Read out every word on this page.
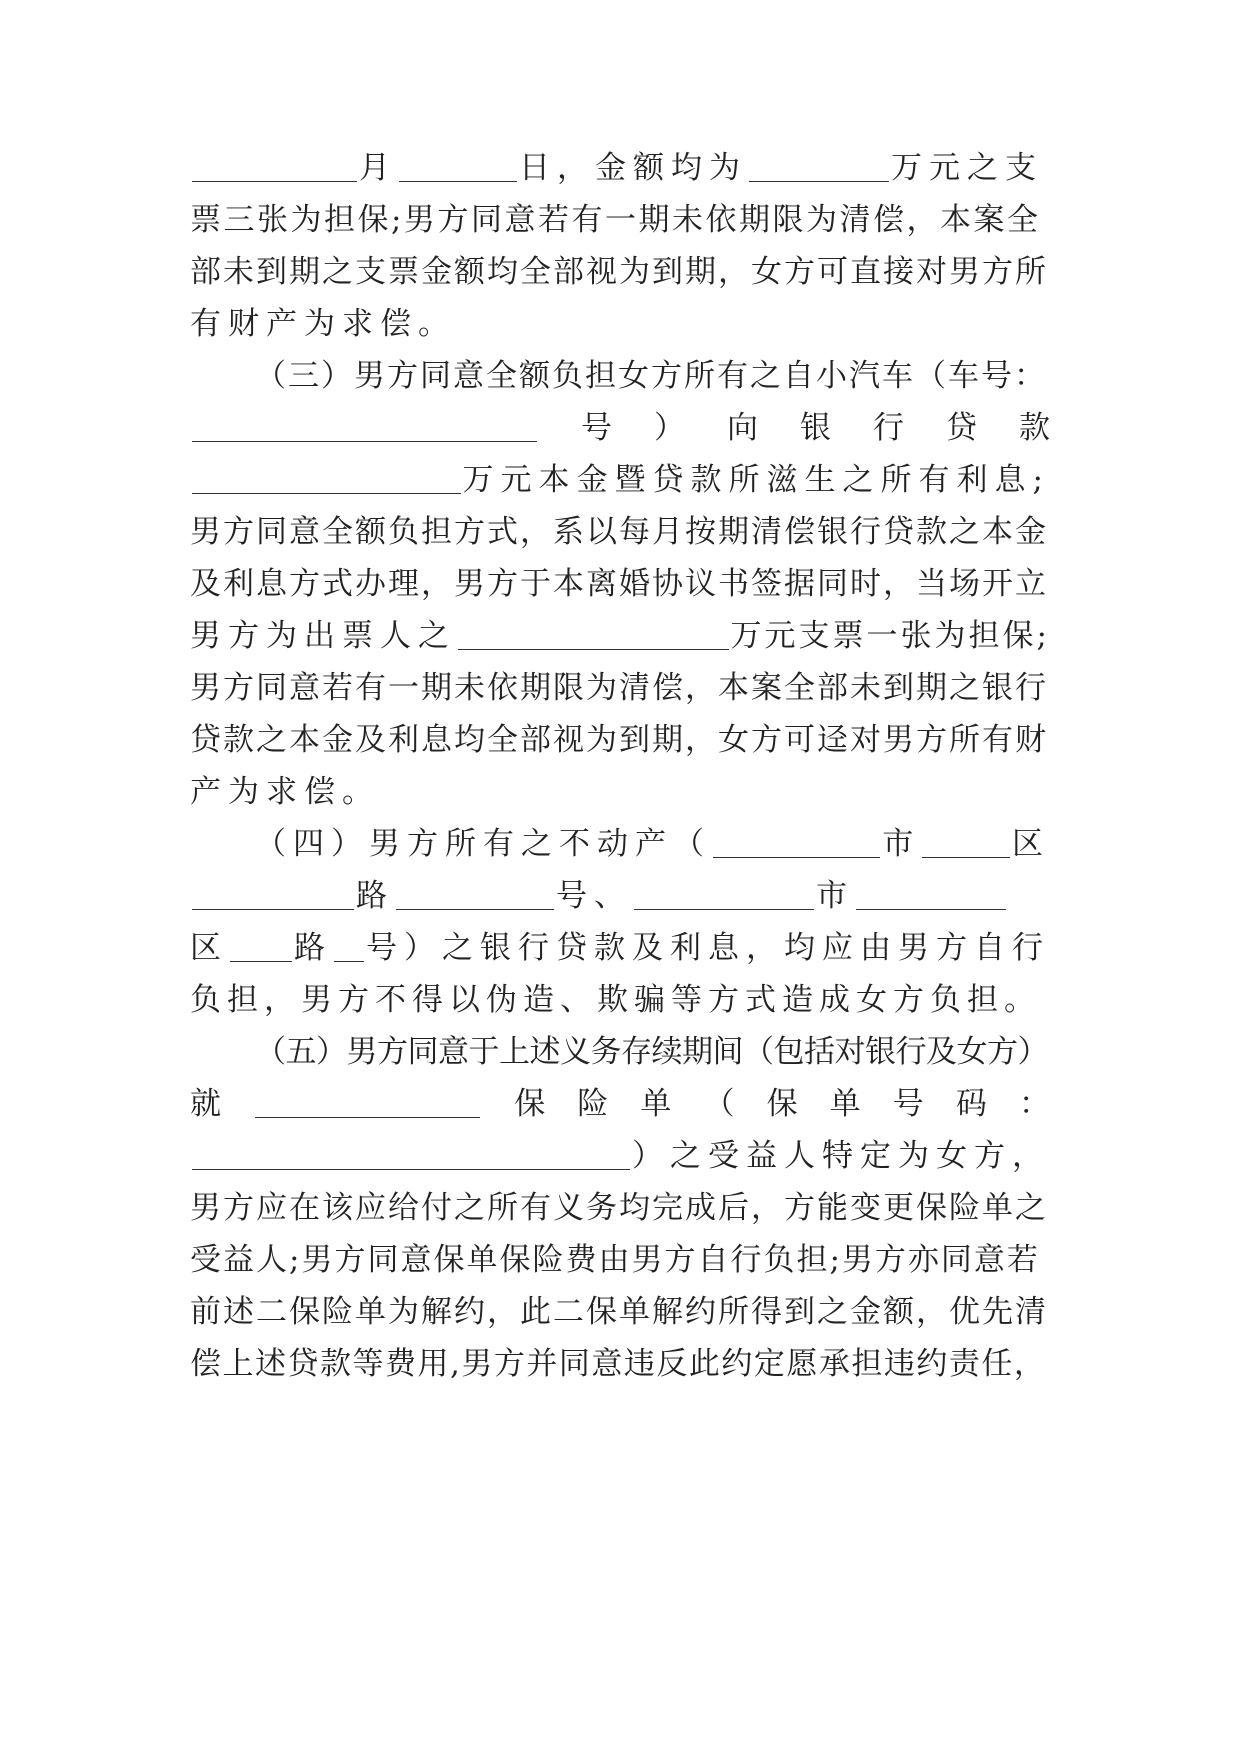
月	日，金额均为	万元之支
票三张为担保;男方同意若有一期未依期限为清偿，本案全
部未到期之支票金额均全部视为到期，女方可直接对男方所
有财产为求偿。
（三）男方同意全额负担女方所有之自小汽车（车号：
号 ） 向 银 行 贷 款
万元本金暨贷款所滋生之所有利息;
男方同意全额负担方式，系以每月按期清偿银行贷款之本金
及利息方式办理，男方于本离婚协议书签据同时，当场开立
男方为出票人之	万元支票一张为担保;
男方同意若有一期未依期限为清偿，本案全部未到期之银行
贷款之本金及利息均全部视为到期，女方可迳对男方所有财
产为求偿。
（四）男方所有之不动产（	市	区
路	号、	市
区 路 号）之银行贷款及利息，均应由男方自行
负担，男方不得以伪造、欺骗等方式造成女方负担。
（五）男方同意于上述义务存续期间（包括对银行及女方）
就	保 险 单 （ 保 单 号 码 ：
）之受益人特定为女方，
男方应在该应给付之所有义务均完成后，方能变更保险单之
受益人;男方同意保单保险费由男方自行负担;男方亦同意若
前述二保险单为解约，此二保单解约所得到之金额，优先清
偿上述贷款等费用,男方并同意违反此约定愿承担违约责任，
